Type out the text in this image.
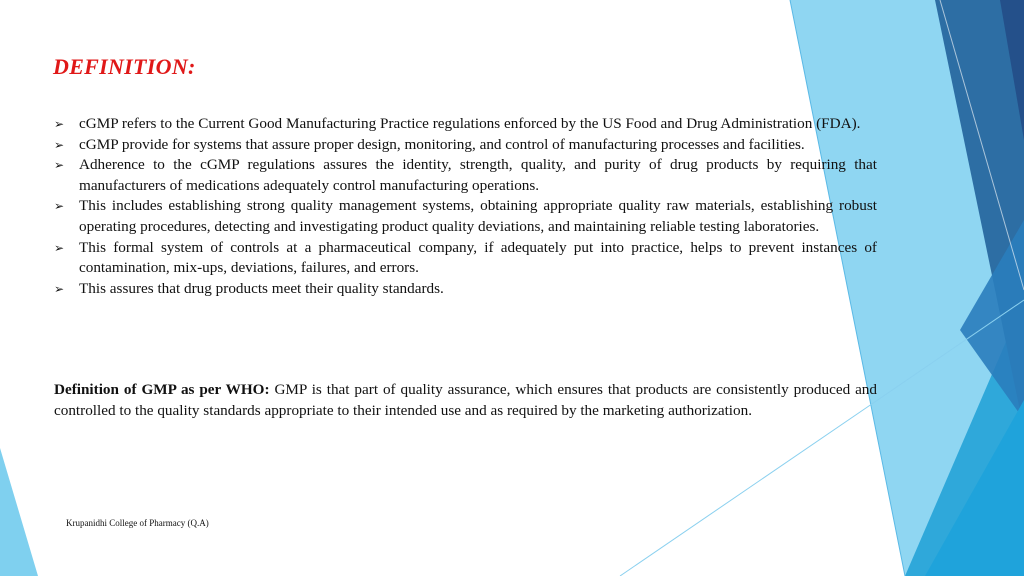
DEFINITION:
➢ cGMP refers to the Current Good Manufacturing Practice regulations enforced by the US Food and Drug Administration (FDA).
➢ cGMP provide for systems that assure proper design, monitoring, and control of manufacturing processes and facilities.
➢ Adherence to the cGMP regulations assures the identity, strength, quality, and purity of drug products by requiring that manufacturers of medications adequately control manufacturing operations.
➢ This includes establishing strong quality management systems, obtaining appropriate quality raw materials, establishing robust operating procedures, detecting and investigating product quality deviations, and maintaining reliable testing laboratories.
➢ This formal system of controls at a pharmaceutical company, if adequately put into practice, helps to prevent instances of contamination, mix-ups, deviations, failures, and errors.
➢ This assures that drug products meet their quality standards.

Definition of GMP as per WHO: GMP is that part of quality assurance, which ensures that products are consistently produced and controlled to the quality standards appropriate to their intended use and as required by the marketing authorization.

Krupanidhi College of Pharmacy (Q.A)
